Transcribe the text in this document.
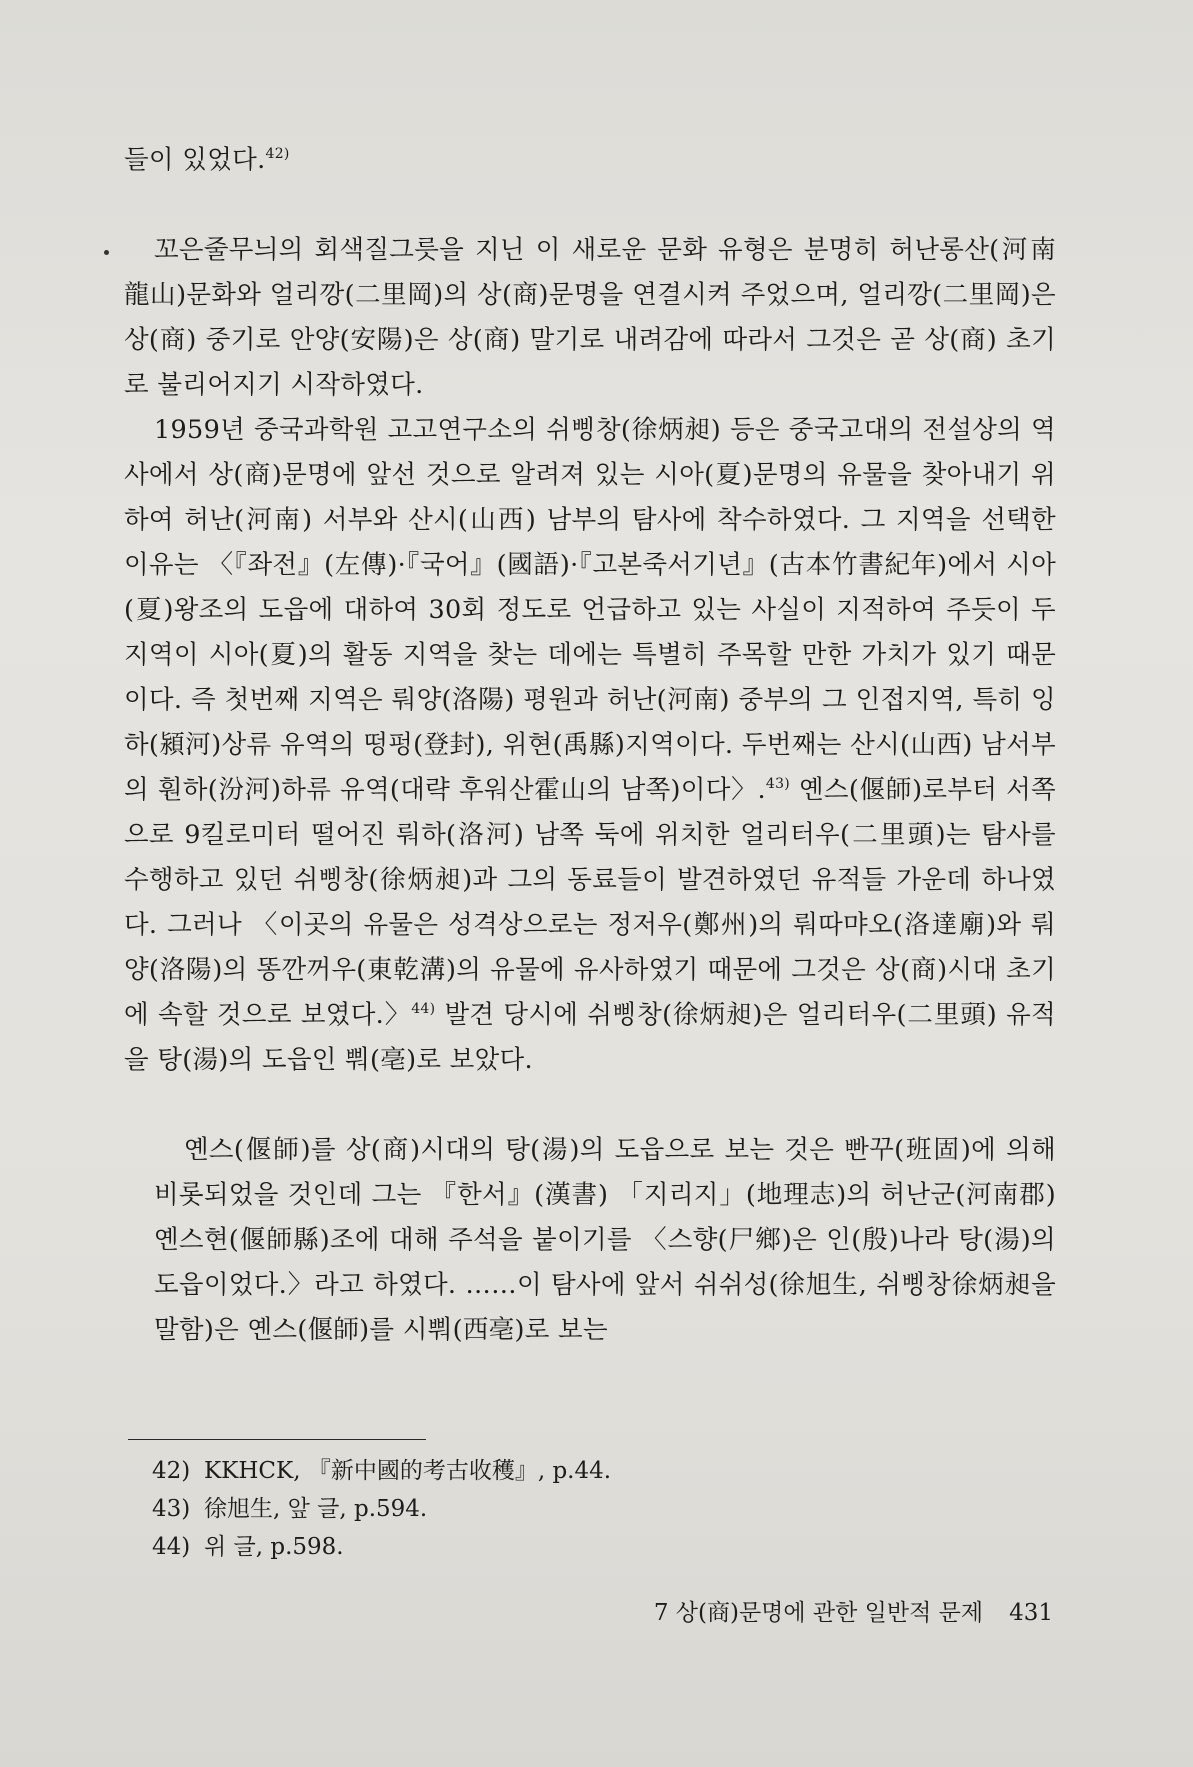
들이 있었다.$^{42)}$

꼬은줄무늬의 회색질그릇을 지닌 이 새로운 문화 유형은 분명히 허난롱산(河南龍山)문화와 얼리깡(二里岡)의 상(商)문명을 연결시켜 주었으며, 얼리깡(二里岡)은 상(商) 중기로 안양(安陽)은 상(商) 말기로 내려감에 따라서 그것은 곧 상(商) 초기로 불리어지기 시작하였다.

1959년 중국과학원 고고연구소의 쉬삥창(徐炳昶) 등은 중국고대의 전설상의 역사에서 상(商)문명에 앞선 것으로 알려져 있는 시아(夏)문명의 유물을 찾아내기 위하여 허난(河南) 서부와 산시(山西) 남부의 탐사에 착수하였다. 그 지역을 선택한 이유는 〈『좌전』(左傳)·『국어』(國語)·『고본죽서기년』(古本竹書紀年)에서 시아(夏)왕조의 도읍에 대하여 30회 정도로 언급하고 있는 사실이 지적하여 주듯이 두 지역이 시아(夏)의 활동 지역을 찾는 데에는 특별히 주목할 만한 가치가 있기 때문이다. 즉 첫번째 지역은 뤄양(洛陽) 평원과 허난(河南) 중부의 그 인접지역, 특히 잉하(潁河)상류 유역의 떵펑(登封), 위현(禹縣)지역이다. 두번째는 산시(山西) 남서부의 훤하(汾河)하류 유역(대략 후워산霍山의 남쪽)이다〉.$^{43)}$ 옌스(偃師)로부터 서쪽으로 9킬로미터 떨어진 뤄하(洛河) 남쪽 둑에 위치한 얼리터우(二里頭)는 탐사를 수행하고 있던 쉬삥창(徐炳昶)과 그의 동료들이 발견하였던 유적들 가운데 하나였다. 그러나 〈이곳의 유물은 성격상으로는 정저우(鄭州)의 뤄따먀오(洛達廟)와 뤄양(洛陽)의 똥깐꺼우(東乾溝)의 유물에 유사하였기 때문에 그것은 상(商)시대 초기에 속할 것으로 보였다.〉$^{44)}$ 발견 당시에 쉬삥창(徐炳昶)은 얼리터우(二里頭) 유적을 탕(湯)의 도읍인 뿨(亳)로 보았다.

옌스(偃師)를 상(商)시대의 탕(湯)의 도읍으로 보는 것은 빤꾸(班固)에 의해 비롯되었을 것인데 그는 『한서』(漢書) 「지리지」(地理志)의 허난군(河南郡) 옌스현(偃師縣)조에 대해 주석을 붙이기를 〈스향(尸鄉)은 인(殷)나라 탕(湯)의 도읍이었다.〉라고 하였다. ……이 탐사에 앞서 쉬쉬성(徐旭生, 쉬삥창徐炳昶을 말함)은 옌스(偃師)를 시뿨(西亳)로 보는

42) KKHCK, 『新中國的考古收穫』, p.44.
43) 徐旭生, 앞 글, p.594.
44) 위 글, p.598.
7 상(商)문명에 관한 일반적 문제 431
